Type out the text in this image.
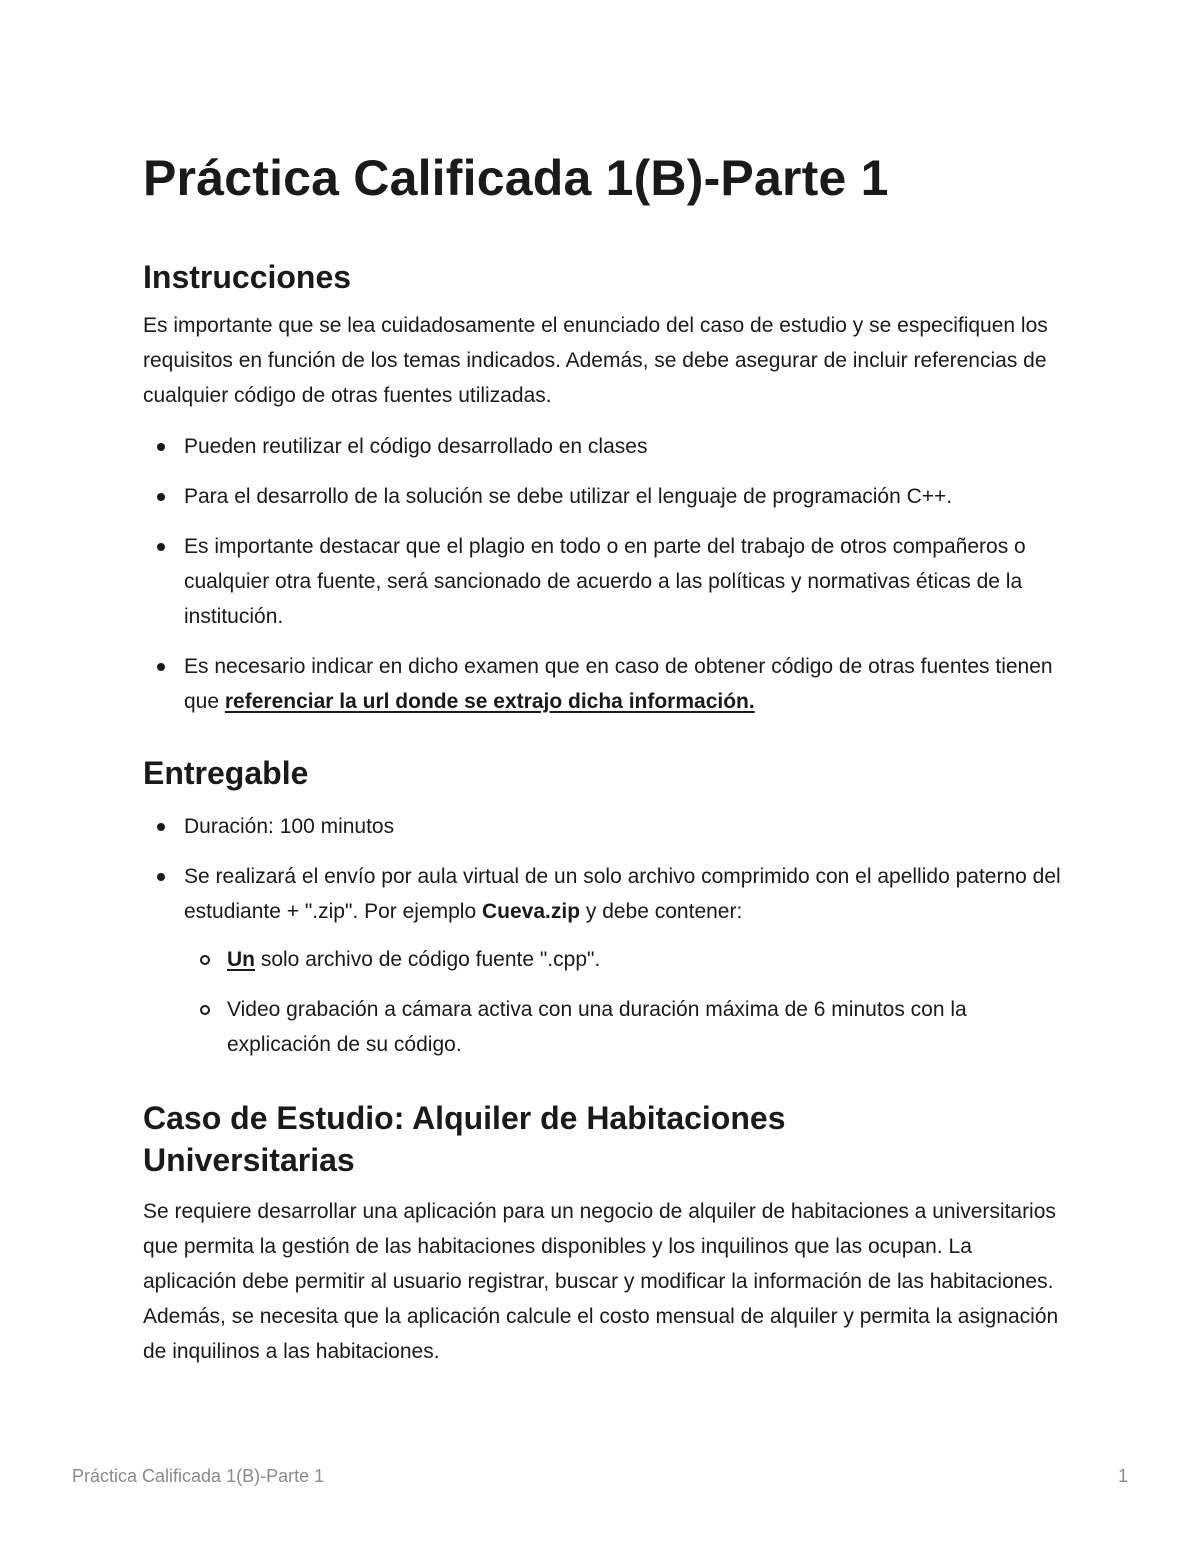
Práctica Calificada 1(B)-Parte 1
Instrucciones

Es importante que se lea cuidadosamente el enunciado del caso de estudio y se especifiquen los requisitos en función de los temas indicados. Además, se debe asegurar de incluir referencias de cualquier código de otras fuentes utilizadas.

Pueden reutilizar el código desarrollado en clases
Para el desarrollo de la solución se debe utilizar el lenguaje de programación C++.
Es importante destacar que el plagio en todo o en parte del trabajo de otros compañeros o cualquier otra fuente, será sancionado de acuerdo a las políticas y normativas éticas de la institución.
Es necesario indicar en dicho examen que en caso de obtener código de otras fuentes tienen que referenciar la url donde se extrajo dicha información.
Entregable
Duración: 100 minutos
Se realizará el envío por aula virtual de un solo archivo comprimido con el apellido paterno del estudiante + ".zip". Por ejemplo Cueva.zip y debe contener:
Un solo archivo de código fuente ".cpp".
Video grabación a cámara activa con una duración máxima de 6 minutos con la explicación de su código.
Caso de Estudio: Alquiler de Habitaciones
Universitarias

Se requiere desarrollar una aplicación para un negocio de alquiler de habitaciones a universitarios que permita la gestión de las habitaciones disponibles y los inquilinos que las ocupan. La aplicación debe permitir al usuario registrar, buscar y modificar la información de las habitaciones. Además, se necesita que la aplicación calcule el costo mensual de alquiler y permita la asignación de inquilinos a las habitaciones.

Práctica Calificada 1(B)-Parte 1	1
